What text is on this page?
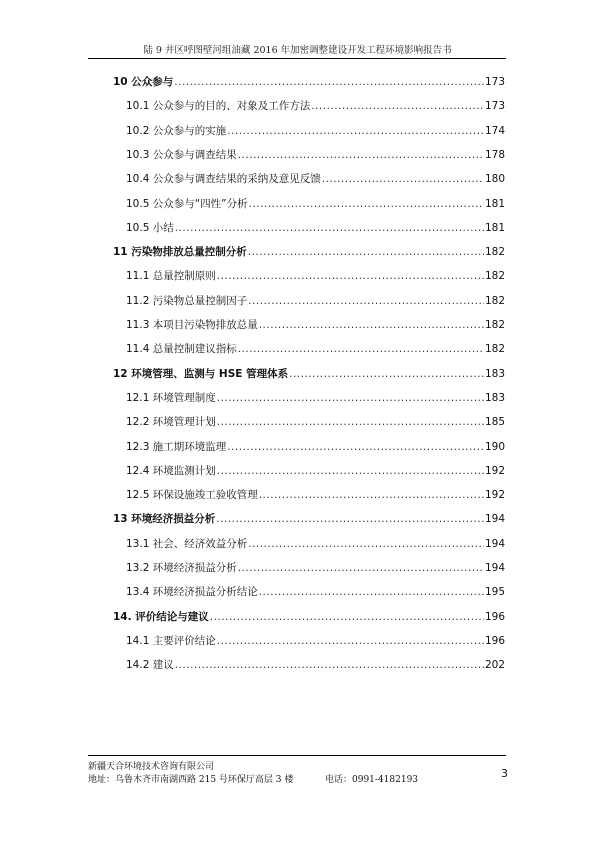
陆 9 井区呼图壁河组油藏 2016 年加密调整建设开发工程环境影响报告书
10 公众参与 .....	173
10.1 公众参与的目的、对象及工作方法 .....	173
10.2 公众参与的实施 .....	174
10.3 公众参与调查结果 .....	178
10.4 公众参与调查结果的采纳及意见反馈 .....	180
10.5 公众参与“四性”分析 .....	181
10.5 小结 .....	181
11 污染物排放总量控制分析 .....	182
11.1 总量控制原则 .....	182
11.2 污染物总量控制因子 .....	182
11.3 本项目污染物排放总量 .....	182
11.4 总量控制建议指标 .....	182
12 环境管理、监测与 HSE 管理体系 .....	183
12.1 环境管理制度 .....	183
12.2 环境管理计划 .....	185
12.3 施工期环境监理 .....	190
12.4 环境监测计划 .....	192
12.5 环保设施竣工验收管理 .....	192
13 环境经济损益分析 .....	194
13.1 社会、经济效益分析 .....	194
13.2 环境经济损益分析 .....	194
13.4 环境经济损益分析结论 .....	195
14. 评价结论与建议 .....	196
14.1 主要评价结论 .....	196
14.2 建议 .....	202
新疆天合环境技术咨询有限公司
地址：乌鲁木齐市南湖西路 215 号环保厅高层 3 楼	电话：0991-4182193	3
